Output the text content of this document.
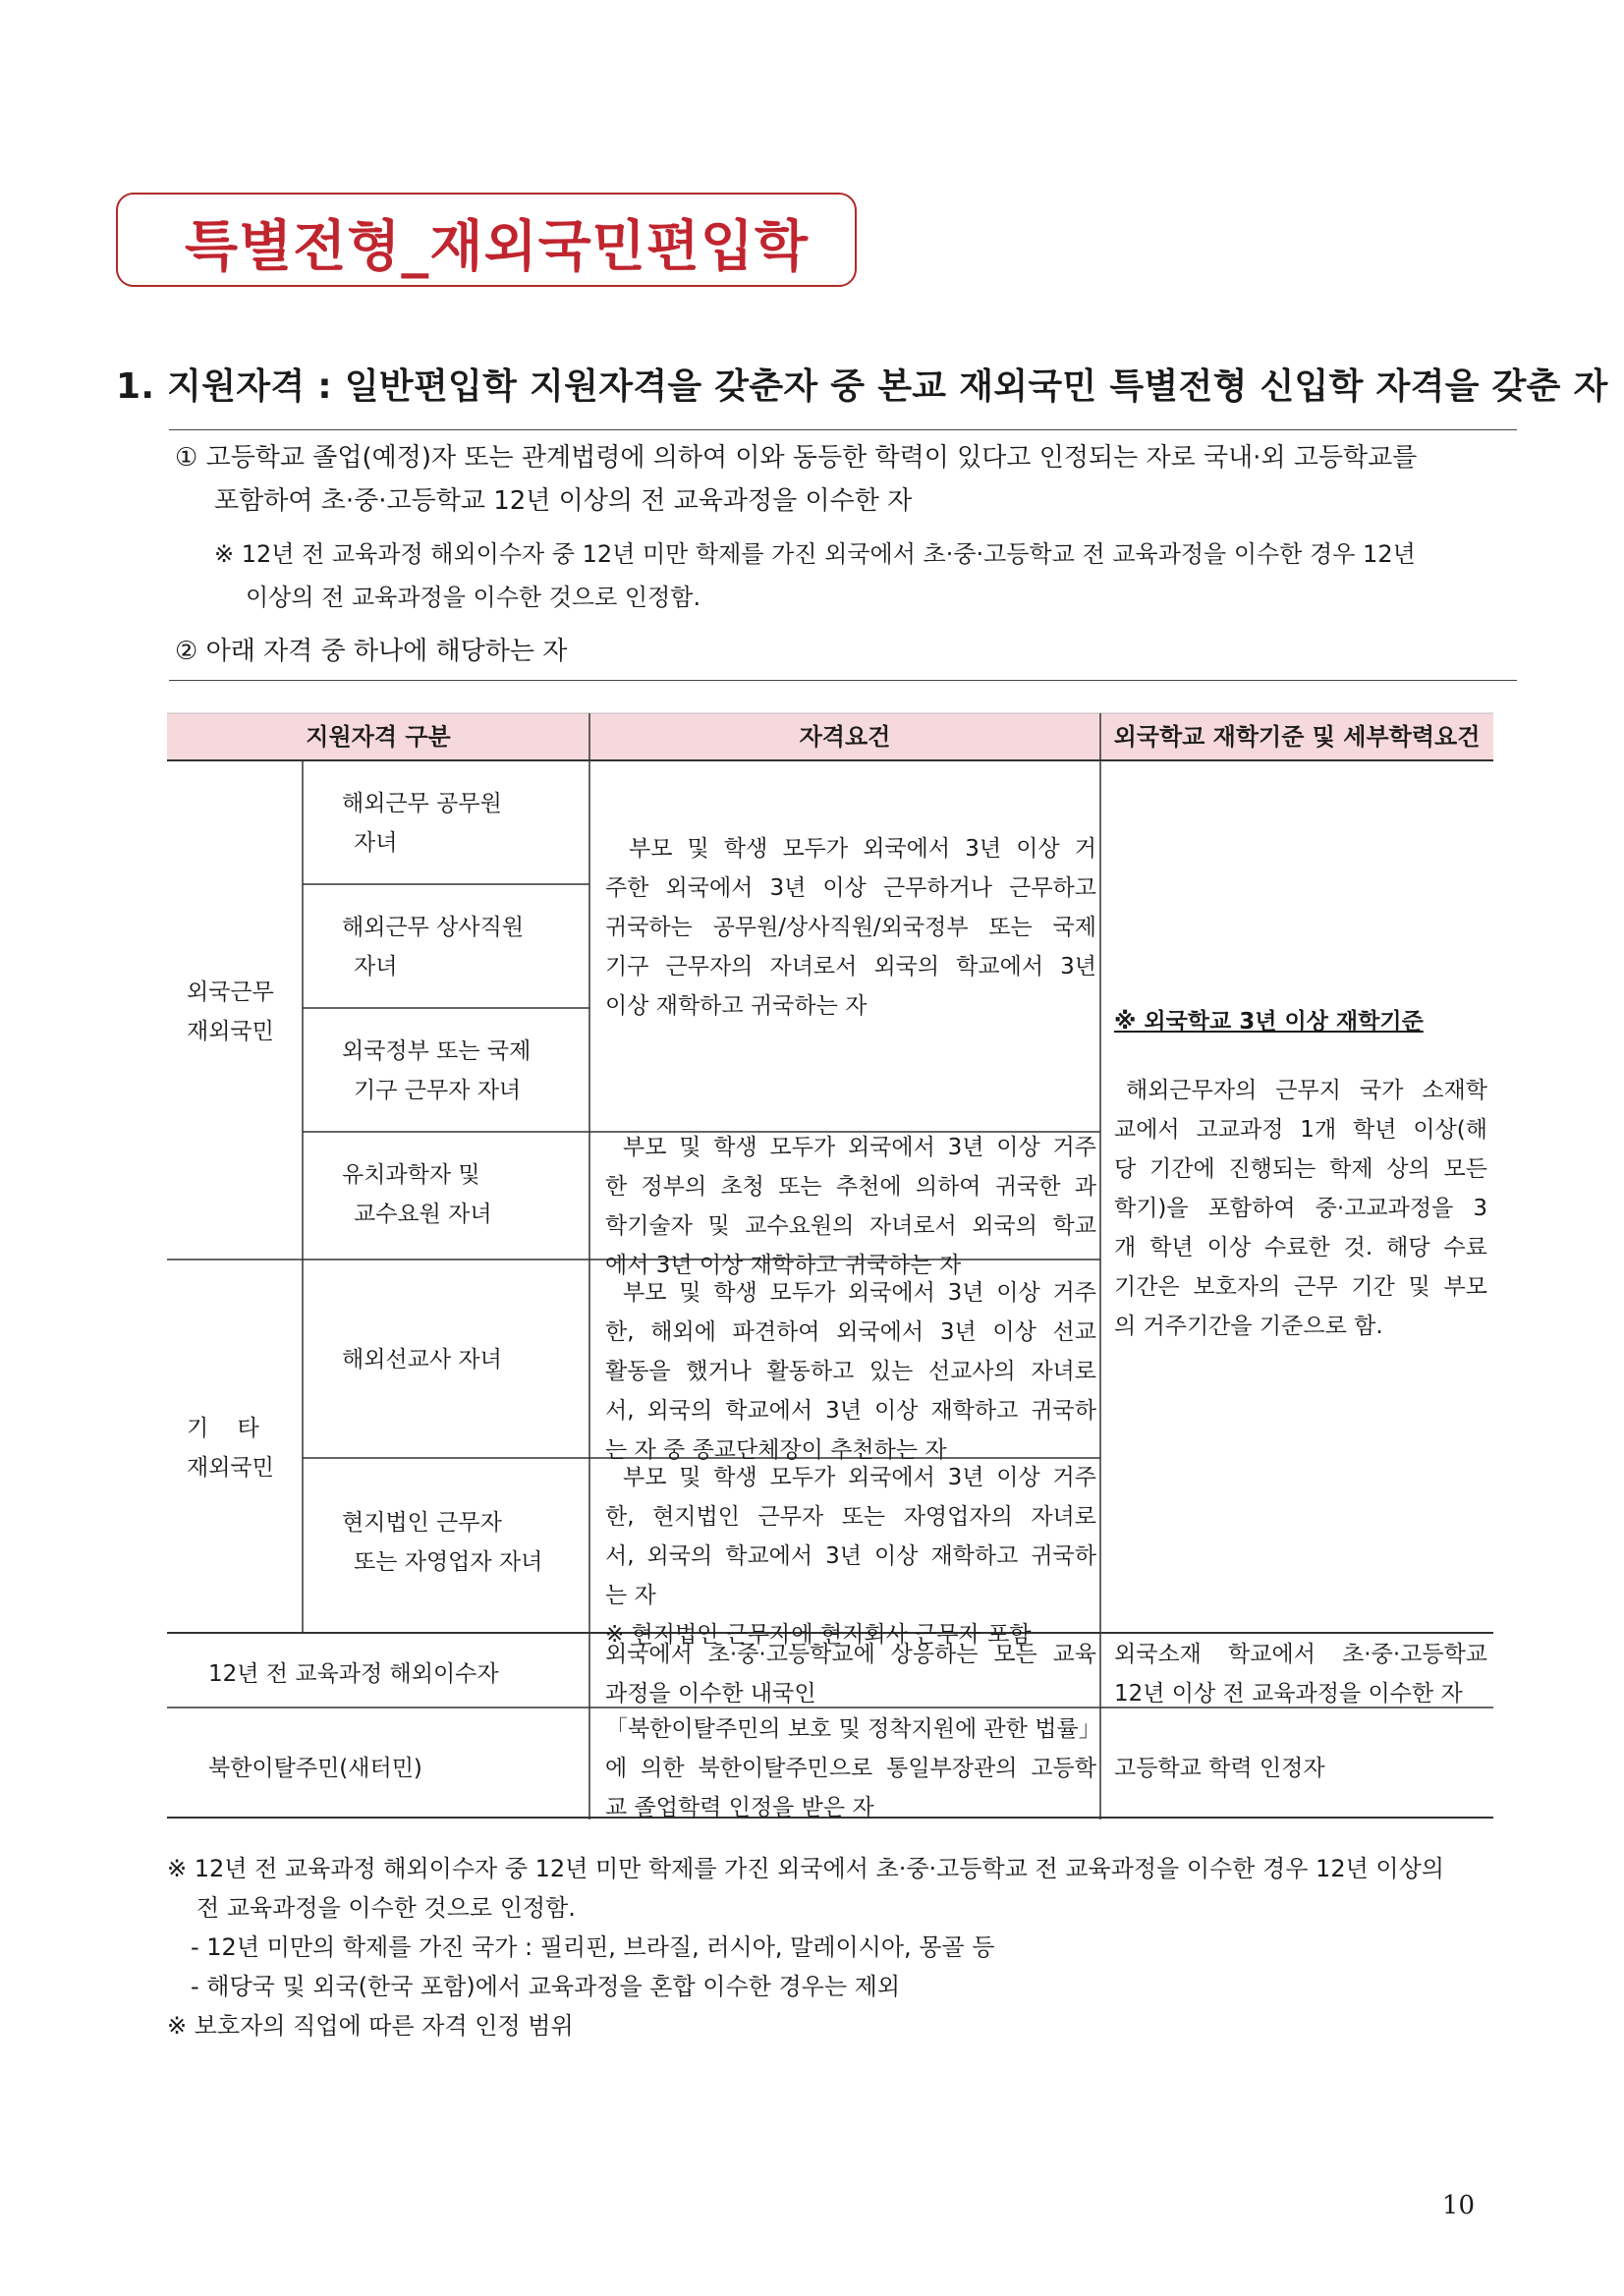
특별전형_재외국민편입학
1. 지원자격 : 일반편입학 지원자격을 갖춘자 중 본교 재외국민 특별전형 신입학 자격을 갖춘 자
① 고등학교 졸업(예정)자 또는 관계법령에 의하여 이와 동등한 학력이 있다고 인정되는 자로 국내·외 고등학교를
포함하여 초·중·고등학교 12년 이상의 전 교육과정을 이수한 자
※ 12년 전 교육과정 해외이수자 중 12년 미만 학제를 가진 외국에서 초·중·고등학교 전 교육과정을 이수한 경우 12년
이상의 전 교육과정을 이수한 것으로 인정함.
② 아래 자격 중 하나에 해당하는 자
지원자격 구분	자격요건	외국학교 재학기준 및 세부학력요건
외국근무
재외국민
기 타
재외국민
해외근무 공무원
자녀
해외근무 상사직원
자녀
외국정부 또는 국제
기구 근무자 자녀
유치과학자 및
교수요원 자녀
해외선교사 자녀
현지법인 근무자
또는 자영업자 자녀
12년 전 교육과정 해외이수자
북한이탈주민(새터민)
부모 및 학생 모두가 외국에서 3년 이상 거
주한 외국에서 3년 이상 근무하거나 근무하고
귀국하는 공무원/상사직원/외국정부 또는 국제
기구 근무자의 자녀로서 외국의 학교에서 3년
이상 재학하고 귀국하는 자
부모 및 학생 모두가 외국에서 3년 이상 거주
한 정부의 초청 또는 추천에 의하여 귀국한 과
학기술자 및 교수요원의 자녀로서 외국의 학교
에서 3년 이상 재학하고 귀국하는 자
부모 및 학생 모두가 외국에서 3년 이상 거주
한, 해외에 파견하여 외국에서 3년 이상 선교
활동을 했거나 활동하고 있는 선교사의 자녀로
서, 외국의 학교에서 3년 이상 재학하고 귀국하
는 자 중 종교단체장이 추천하는 자
부모 및 학생 모두가 외국에서 3년 이상 거주
한, 현지법인 근무자 또는 자영업자의 자녀로
서, 외국의 학교에서 3년 이상 재학하고 귀국하
는 자
※ 현지법인 근무자에 현지회사 근무자 포함
외국에서 초·중·고등학교에 상응하는 모든 교육
과정을 이수한 내국인
「북한이탈주민의 보호 및 정착지원에 관한 법률」
에 의한 북한이탈주민으로 통일부장관의 고등학
교 졸업학력 인정을 받은 자
※ 외국학교 3년 이상 재학기준
해외근무자의 근무지 국가 소재학
교에서 고교과정 1개 학년 이상(해
당 기간에 진행되는 학제 상의 모든
학기)을 포함하여 중·고교과정을 3
개 학년 이상 수료한 것. 해당 수료
기간은 보호자의 근무 기간 및 부모
의 거주기간을 기준으로 함.
외국소재 학교에서 초·중·고등학교
12년 이상 전 교육과정을 이수한 자
고등학교 학력 인정자
※ 12년 전 교육과정 해외이수자 중 12년 미만 학제를 가진 외국에서 초·중·고등학교 전 교육과정을 이수한 경우 12년 이상의
전 교육과정을 이수한 것으로 인정함.
- 12년 미만의 학제를 가진 국가 : 필리핀, 브라질, 러시아, 말레이시아, 몽골 등
- 해당국 및 외국(한국 포함)에서 교육과정을 혼합 이수한 경우는 제외
※ 보호자의 직업에 따른 자격 인정 범위
10
